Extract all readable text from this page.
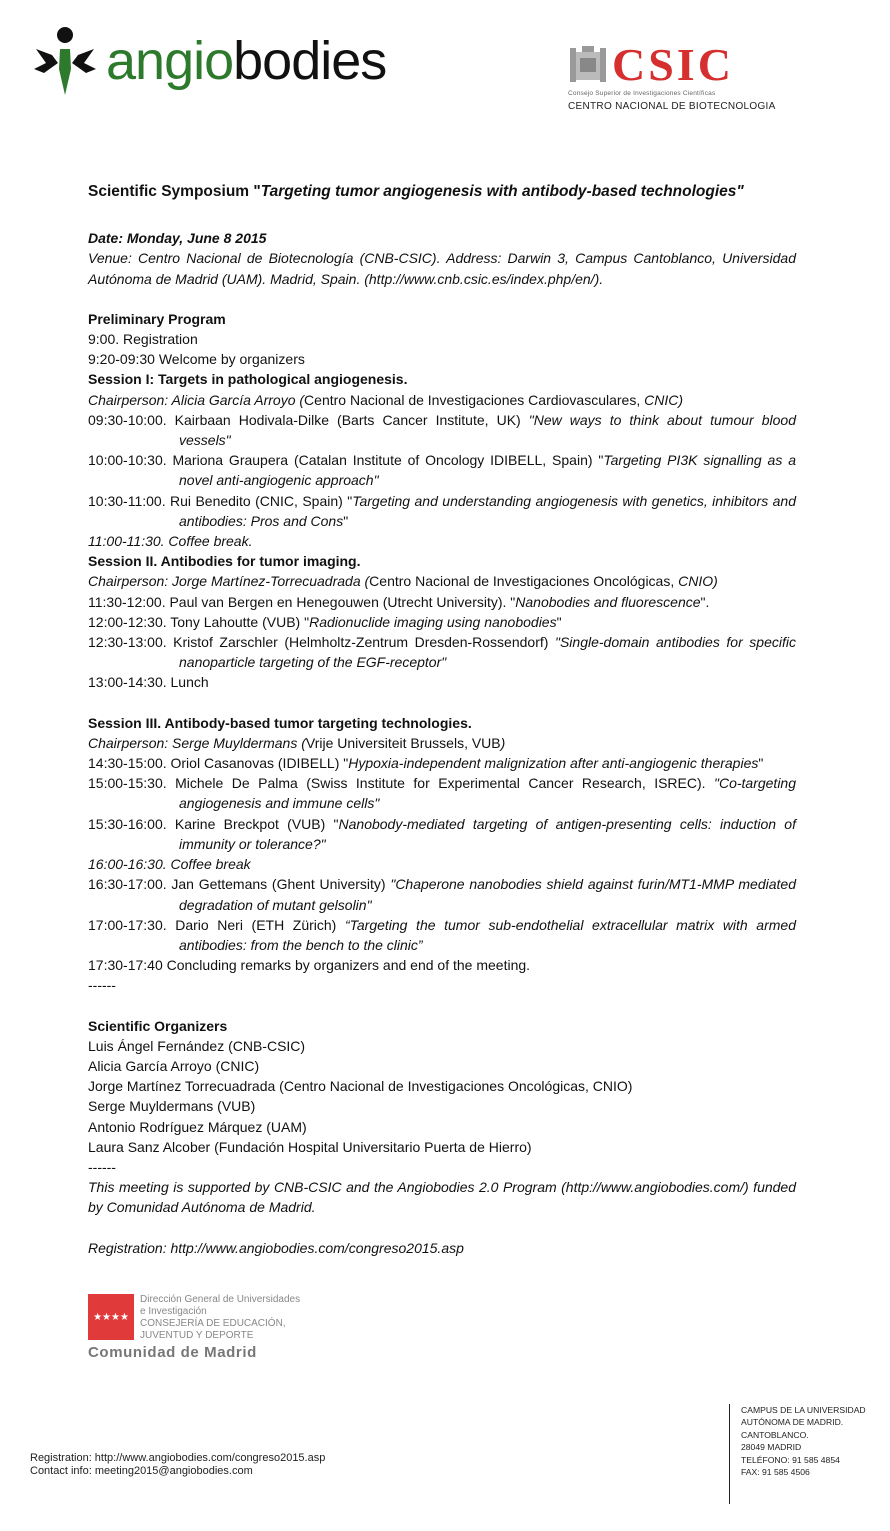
angiobodies	CSIC
Consejo Superior de Investigaciones Científicas
CENTRO NACIONAL DE BIOTECNOLOGIA

Scientific Symposium "Targeting tumor angiogenesis with antibody-based technologies"

Date: Monday, June 8 2015

Venue: Centro Nacional de Biotecnología (CNB-CSIC). Address: Darwin 3, Campus Cantoblanco, Universidad Autónoma de Madrid (UAM). Madrid, Spain. (http://www.cnb.csic.es/index.php/en/).

Preliminary Program

9:00. Registration

9:20-09:30 Welcome by organizers

Session I: Targets in pathological angiogenesis.

Chairperson: Alicia García Arroyo (Centro Nacional de Investigaciones Cardiovasculares, CNIC)

09:30-10:00. Kairbaan Hodivala-Dilke (Barts Cancer Institute, UK) "New ways to think about tumour blood vessels"

10:00-10:30. Mariona Graupera (Catalan Institute of Oncology IDIBELL, Spain) "Targeting PI3K signalling as a novel anti-angiogenic approach"

10:30-11:00. Rui Benedito (CNIC, Spain) "Targeting and understanding angiogenesis with genetics, inhibitors and antibodies: Pros and Cons"

11:00-11:30. Coffee break.

Session II. Antibodies for tumor imaging.

Chairperson: Jorge Martínez-Torrecuadrada (Centro Nacional de Investigaciones Oncológicas, CNIO)

11:30-12:00. Paul van Bergen en Henegouwen (Utrecht University). "Nanobodies and fluorescence".

12:00-12:30. Tony Lahoutte (VUB) "Radionuclide imaging using nanobodies"

12:30-13:00. Kristof Zarschler (Helmholtz-Zentrum Dresden-Rossendorf) "Single-domain antibodies for specific nanoparticle targeting of the EGF-receptor"

13:00-14:30. Lunch

Session III. Antibody-based tumor targeting technologies.

Chairperson: Serge Muyldermans (Vrije Universiteit Brussels, VUB)

14:30-15:00. Oriol Casanovas (IDIBELL) "Hypoxia-independent malignization after anti-angiogenic therapies"

15:00-15:30. Michele De Palma (Swiss Institute for Experimental Cancer Research, ISREC). "Co-targeting angiogenesis and immune cells"

15:30-16:00. Karine Breckpot (VUB) "Nanobody-mediated targeting of antigen-presenting cells: induction of immunity or tolerance?"

16:00-16:30. Coffee break

16:30-17:00. Jan Gettemans (Ghent University) "Chaperone nanobodies shield against furin/MT1-MMP mediated degradation of mutant gelsolin"

17:00-17:30. Dario Neri (ETH Zürich) “Targeting the tumor sub-endothelial extracellular matrix with armed antibodies: from the bench to the clinic”

17:30-17:40 Concluding remarks by organizers and end of the meeting.

------

Scientific Organizers

Luis Ángel Fernández (CNB-CSIC)

Alicia García Arroyo (CNIC)

Jorge Martínez Torrecuadrada (Centro Nacional de Investigaciones Oncológicas, CNIO)

Serge Muyldermans (VUB)

Antonio Rodríguez Márquez (UAM)

Laura Sanz Alcober (Fundación Hospital Universitario Puerta de Hierro)

------

This meeting is supported by CNB-CSIC and the Angiobodies 2.0 Program (http://www.angiobodies.com/) funded by Comunidad Autónoma de Madrid.

Registration: http://www.angiobodies.com/congreso2015.asp

★★★★
Dirección General de Universidades
e Investigación
CONSEJERÍA DE EDUCACIÓN,
JUVENTUD Y DEPORTE
Comunidad de Madrid
Registration: http://www.angiobodies.com/congreso2015.asp
Contact info: meeting2015@angiobodies.com
CAMPUS DE LA UNIVERSIDAD
AUTÓNOMA DE MADRID.
CANTOBLANCO.
28049 MADRID
TELÉFONO: 91 585 4854
FAX: 91 585 4506
